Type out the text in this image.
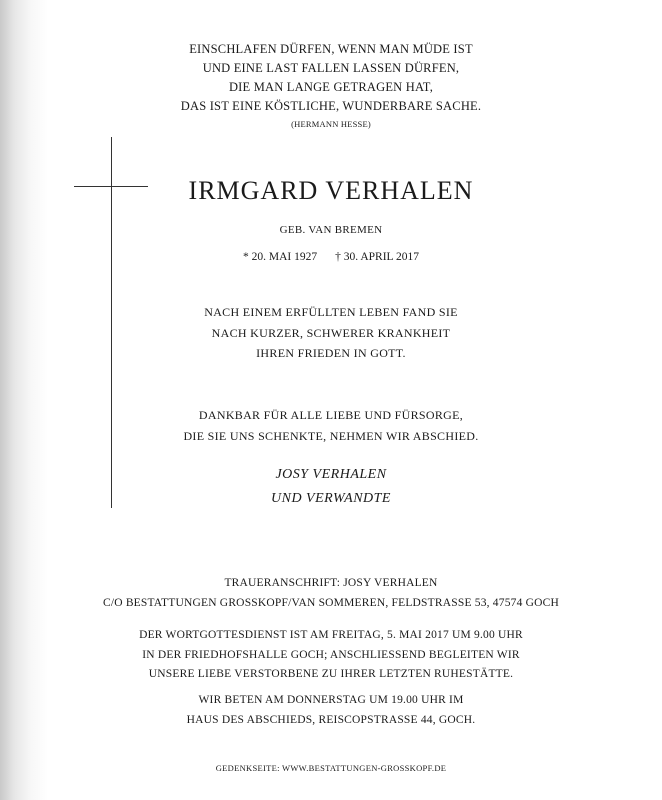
EINSCHLAFEN DÜRFEN, WENN MAN MÜDE IST
UND EINE LAST FALLEN LASSEN DÜRFEN,
DIE MAN LANGE GETRAGEN HAT,
DAS IST EINE KÖSTLICHE, WUNDERBARE SACHE.
(HERMANN HESSE)
IRMGARD VERHALEN
GEB. VAN BREMEN
* 20. MAI 1927 † 30. APRIL 2017
NACH EINEM ERFÜLLTEN LEBEN FAND SIE
NACH KURZER, SCHWERER KRANKHEIT
IHREN FRIEDEN IN GOTT.
DANKBAR FÜR ALLE LIEBE UND FÜRSORGE,
DIE SIE UNS SCHENKTE, NEHMEN WIR ABSCHIED.
JOSY VERHALEN
UND VERWANDTE
TRAUERANSCHRIFT: JOSY VERHALEN
C/O BESTATTUNGEN GROSSKOPF/VAN SOMMEREN, FELDSTRASSE 53, 47574 GOCH
DER WORTGOTTESDIENST IST AM FREITAG, 5. MAI 2017 UM 9.00 UHR
IN DER FRIEDHOFSHALLE GOCH; ANSCHLIESSEND BEGLEITEN WIR
UNSERE LIEBE VERSTORBENE ZU IHRER LETZTEN RUHESTÄTTE.
WIR BETEN AM DONNERSTAG UM 19.00 UHR IM
HAUS DES ABSCHIEDS, REISCOPSTRASSE 44, GOCH.
GEDENKSEITE: WWW.BESTATTUNGEN-GROSSKOPF.DE
